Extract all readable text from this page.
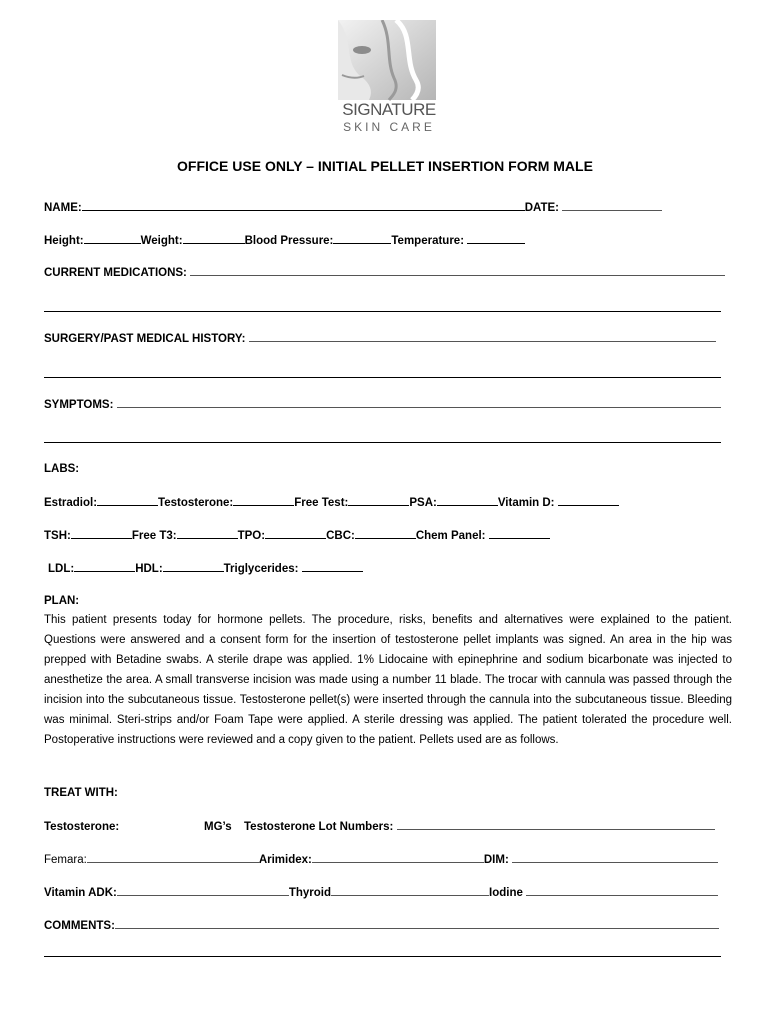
SIGNATURE
SKIN CARE
OFFICE USE ONLY – INITIAL PELLET INSERTION FORM MALE
NAME:	DATE:
Height:	Weight:	Blood Pressure:	Temperature:
CURRENT MEDICATIONS:
SURGERY/PAST MEDICAL HISTORY:
SYMPTOMS:
LABS:
Estradiol:	Testosterone:	Free Test:	PSA:	Vitamin D:
TSH:	Free T3:	TPO:	CBC:	Chem Panel:
LDL:	HDL:	Triglycerides:
PLAN:
This patient presents today for hormone pellets. The procedure, risks, benefits and alternatives were explained to the patient. Questions were answered and a consent form for the insertion of testosterone pellet implants was signed. An area in the hip was prepped with Betadine swabs. A sterile drape was applied. 1% Lidocaine with epinephrine and sodium bicarbonate was injected to anesthetize the area. A small transverse incision was made using a number 11 blade. The trocar with cannula was passed through the incision into the subcutaneous tissue. Testosterone pellet(s) were inserted through the cannula into the subcutaneous tissue. Bleeding was minimal. Steri-strips and/or Foam Tape were applied. A sterile dressing was applied. The patient tolerated the procedure well. Postoperative instructions were reviewed and a copy given to the patient. Pellets used are as follows.
TREAT WITH:
Testosterone:	MG’s Testosterone Lot Numbers:
Femara:	Arimidex:	DIM:
Vitamin ADK:	Thyroid	Iodine
COMMENTS:
